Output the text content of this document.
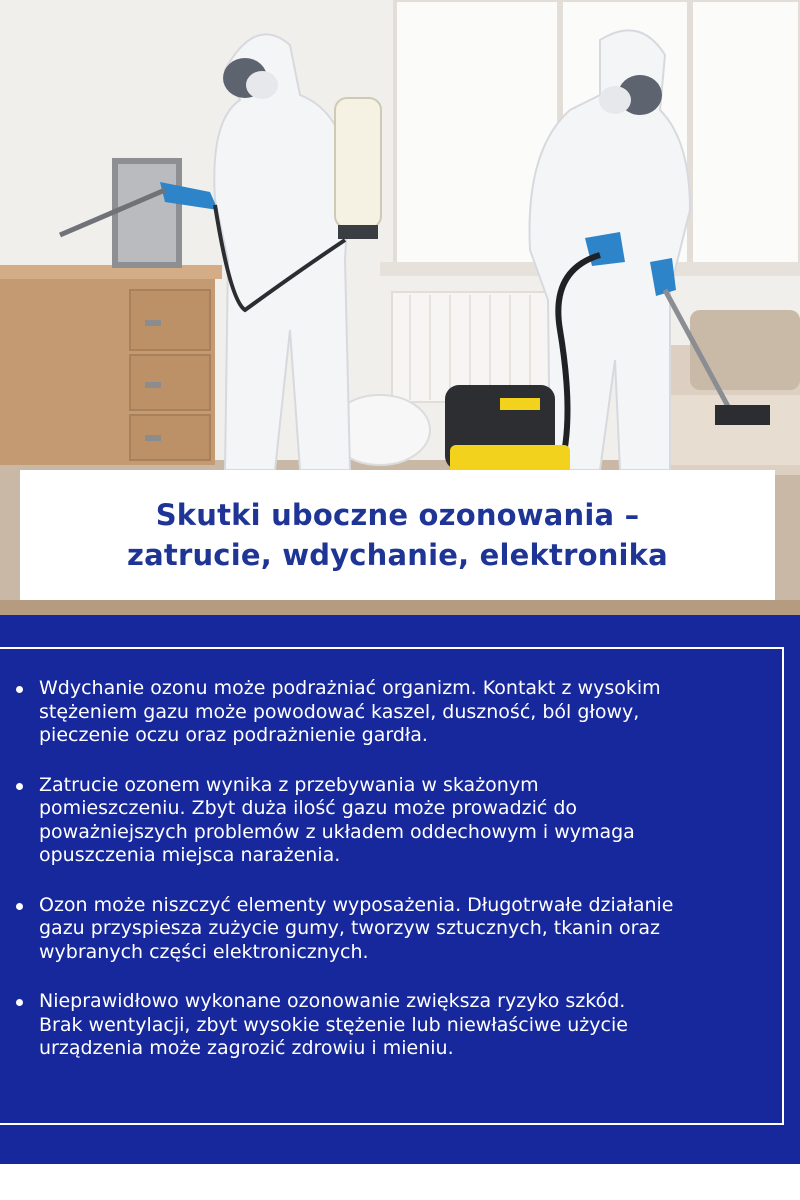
Skutki uboczne ozonowania –
zatrucie, wdychanie, elektronika
Wdychanie ozonu może podrażniać organizm. Kontakt z wysokim
stężeniem gazu może powodować kaszel, duszność, ból głowy,
pieczenie oczu oraz podrażnienie gardła.
Zatrucie ozonem wynika z przebywania w skażonym
pomieszczeniu. Zbyt duża ilość gazu może prowadzić do
poważniejszych problemów z układem oddechowym i wymaga
opuszczenia miejsca narażenia.
Ozon może niszczyć elementy wyposażenia. Długotrwałe działanie
gazu przyspiesza zużycie gumy, tworzyw sztucznych, tkanin oraz
wybranych części elektronicznych.
Nieprawidłowo wykonane ozonowanie zwiększa ryzyko szkód.
Brak wentylacji, zbyt wysokie stężenie lub niewłaściwe użycie
urządzenia może zagrozić zdrowiu i mieniu.
